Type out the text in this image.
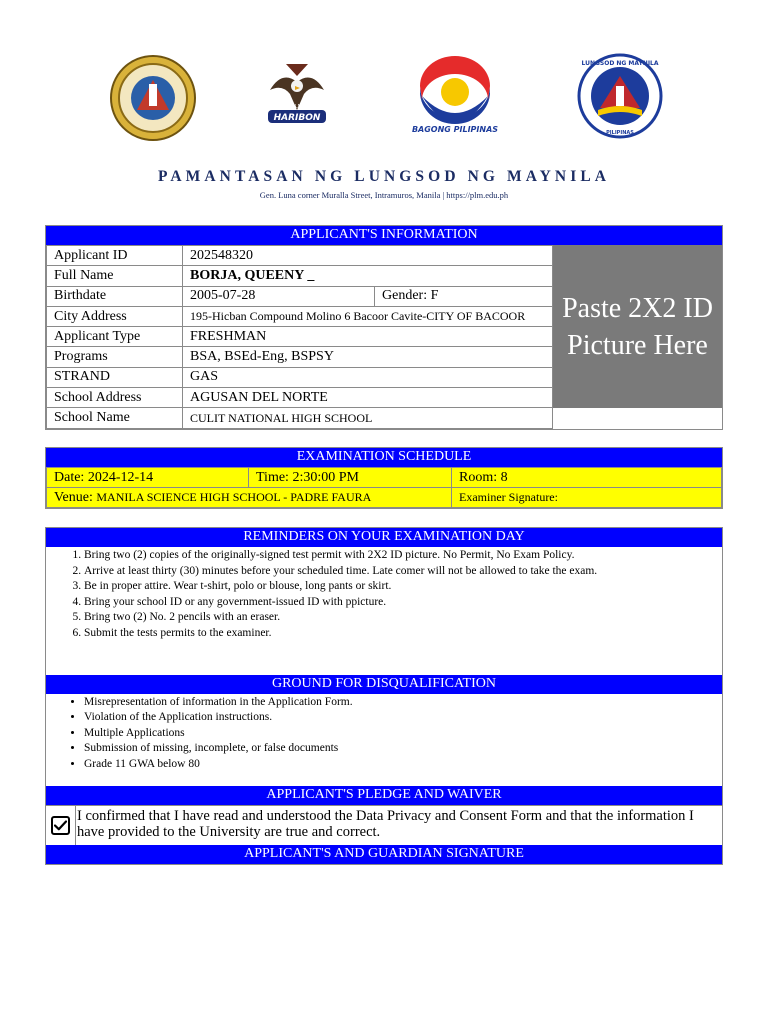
HARIBON
PLM
BAGONG PILIPINAS
LUNGSOD NG MAYNILA
PILIPINAS
PAMANTASAN NG LUNGSOD NG MAYNILA
Gen. Luna corner Muralla Street, Intramuros, Manila | https://plm.edu.ph
APPLICANT'S INFORMATION
Applicant ID	202548320	
Full Name	BORJA, QUEENY _	
Birthdate	2005-07-28	Gender: F
City Address	195-Hicban Compound Molino 6 Bacoor Cavite-CITY OF BACOOR	
Applicant Type	FRESHMAN	
Programs	BSA, BSEd-Eng, BSPSY	
STRAND	GAS	
School Address	AGUSAN DEL NORTE	
School Name	CULIT NATIONAL HIGH SCHOOL	
Paste 2X2 ID
Picture Here
EXAMINATION SCHEDULE
Date: 2024-12-14	Time: 2:30:00 PM	Room: 8
Venue: MANILA SCIENCE HIGH SCHOOL - PADRE FAURA		Examiner Signature:
REMINDERS ON YOUR EXAMINATION DAY
1. Bring two (2) copies of the originally-signed test permit with 2X2 ID picture. No Permit, No Exam Policy.
2. Arrive at least thirty (30) minutes before your scheduled time. Late comer will not be allowed to take the exam.
3. Be in proper attire. Wear t-shirt, polo or blouse, long pants or skirt.
4. Bring your school ID or any government-issued ID with ppicture.
5. Bring two (2) No. 2 pencils with an eraser.
6. Submit the tests permits to the examiner.
GROUND FOR DISQUALIFICATION
• Misrepresentation of information in the Application Form.
• Violation of the Application instructions.
• Multiple Applications
• Submission of missing, incomplete, or false documents
• Grade 11 GWA below 80
APPLICANT'S PLEDGE AND WAIVER
I confirmed that I have read and understood the Data Privacy and Consent Form and that the information I have provided to the University are true and correct.
APPLICANT'S AND GUARDIAN SIGNATURE
